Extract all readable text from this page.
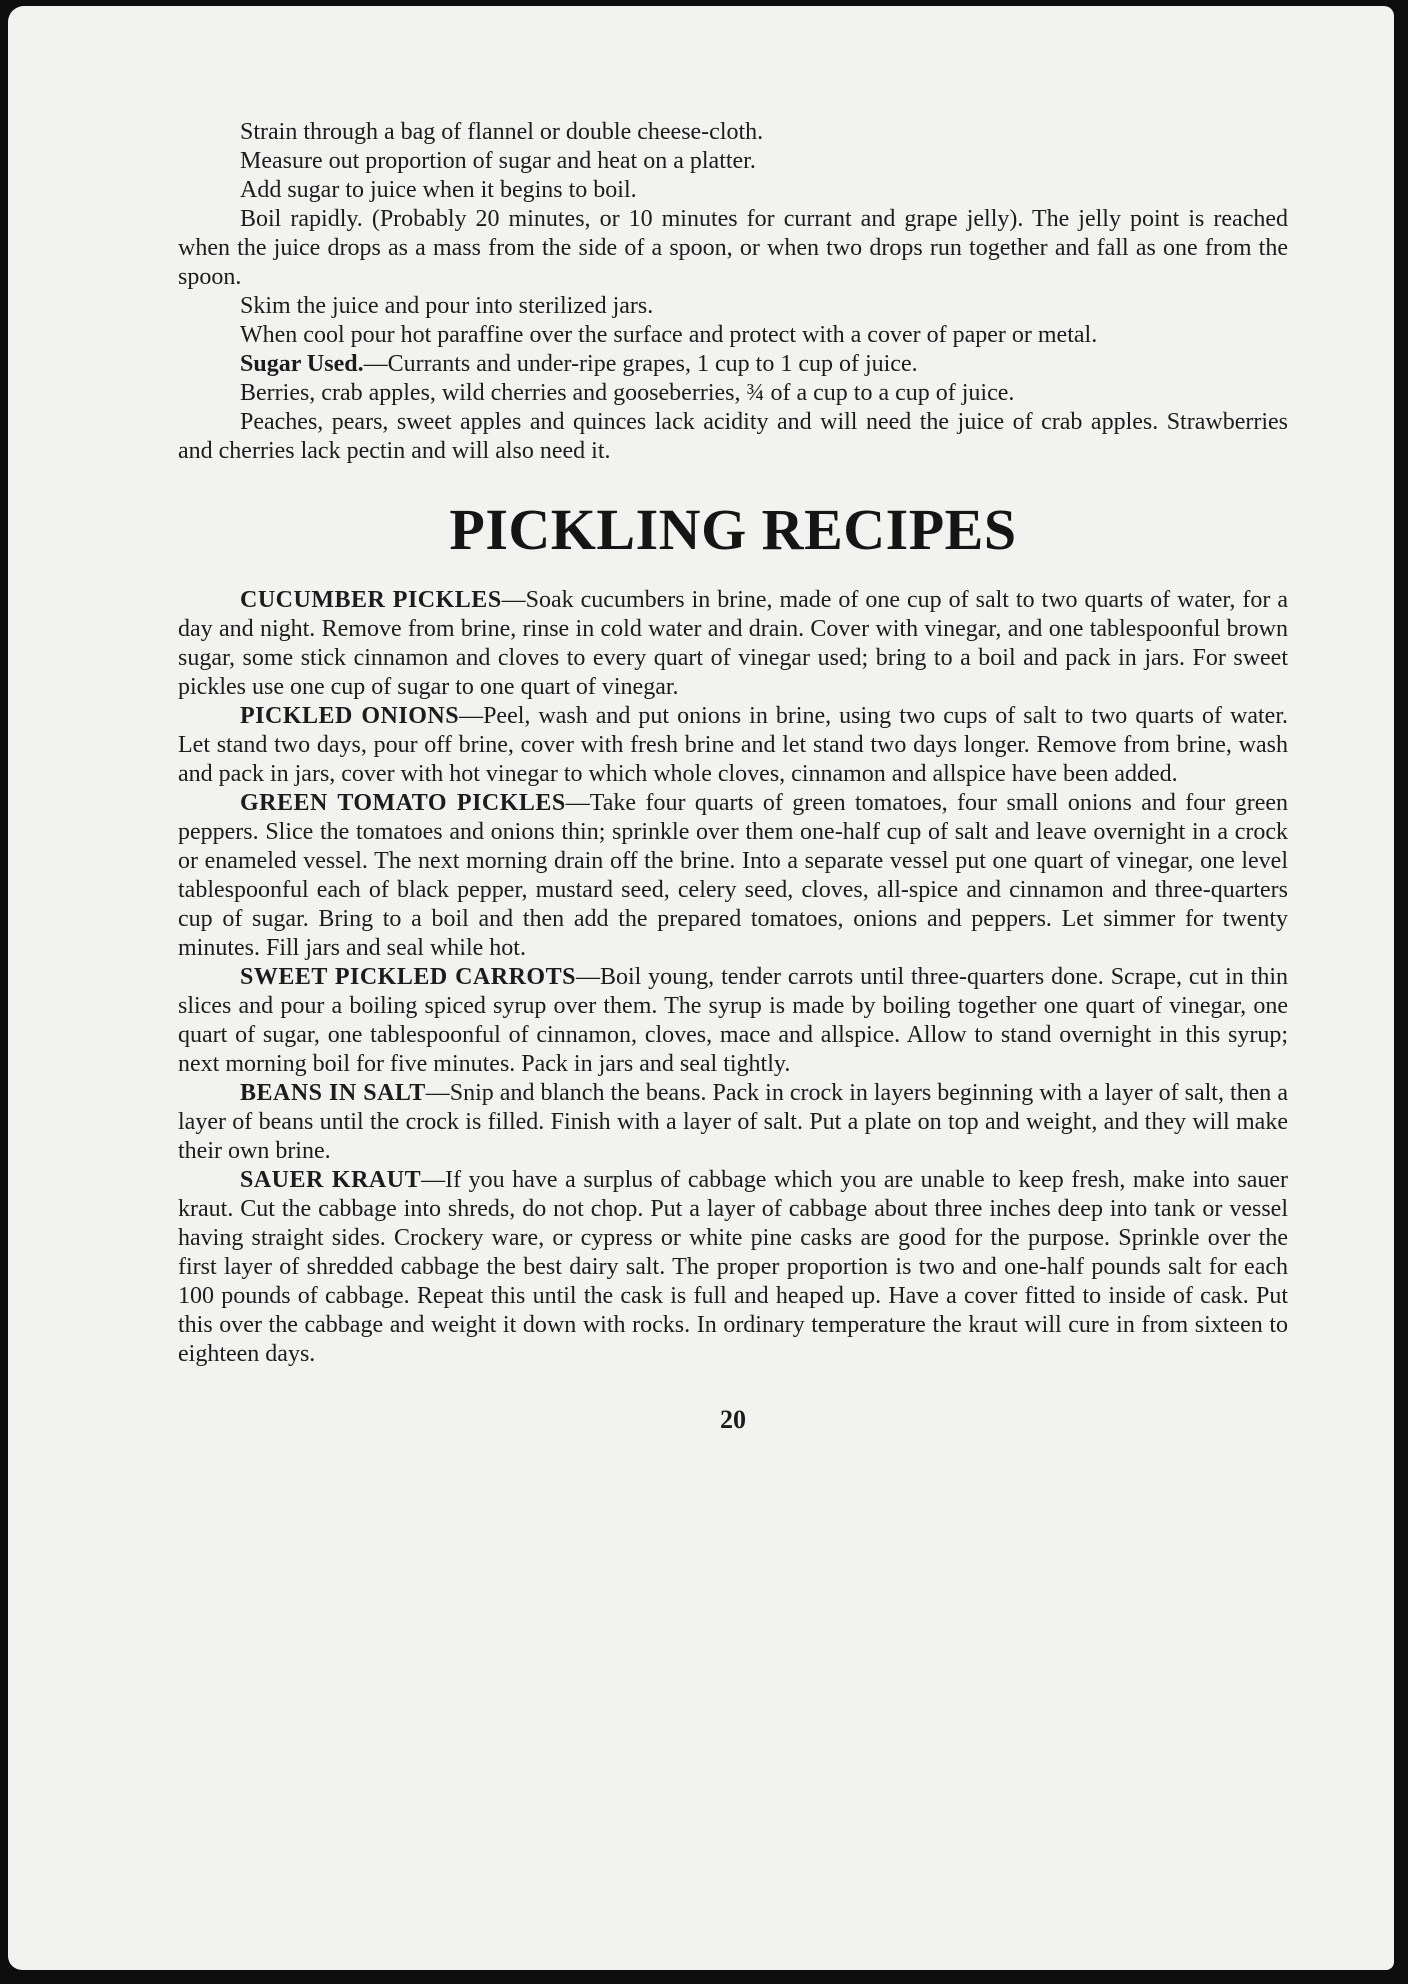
Strain through a bag of flannel or double cheese-cloth.

Measure out proportion of sugar and heat on a platter.

Add sugar to juice when it begins to boil.

Boil rapidly. (Probably 20 minutes, or 10 minutes for currant and grape jelly). The jelly point is reached when the juice drops as a mass from the side of a spoon, or when two drops run together and fall as one from the spoon.

Skim the juice and pour into sterilized jars.

When cool pour hot paraffine over the surface and protect with a cover of paper or metal.

Sugar Used.—Currants and under-ripe grapes, 1 cup to 1 cup of juice.

Berries, crab apples, wild cherries and gooseberries, ¾ of a cup to a cup of juice.

Peaches, pears, sweet apples and quinces lack acidity and will need the juice of crab apples. Strawberries and cherries lack pectin and will also need it.

PICKLING RECIPES

CUCUMBER PICKLES—Soak cucumbers in brine, made of one cup of salt to two quarts of water, for a day and night. Remove from brine, rinse in cold water and drain. Cover with vinegar, and one tablespoonful brown sugar, some stick cinnamon and cloves to every quart of vinegar used; bring to a boil and pack in jars. For sweet pickles use one cup of sugar to one quart of vinegar.

PICKLED ONIONS—Peel, wash and put onions in brine, using two cups of salt to two quarts of water. Let stand two days, pour off brine, cover with fresh brine and let stand two days longer. Remove from brine, wash and pack in jars, cover with hot vinegar to which whole cloves, cinnamon and allspice have been added.

GREEN TOMATO PICKLES—Take four quarts of green tomatoes, four small onions and four green peppers. Slice the tomatoes and onions thin; sprinkle over them one-half cup of salt and leave overnight in a crock or enameled vessel. The next morning drain off the brine. Into a separate vessel put one quart of vinegar, one level tablespoonful each of black pepper, mustard seed, celery seed, cloves, all-spice and cinnamon and three-quarters cup of sugar. Bring to a boil and then add the prepared tomatoes, onions and peppers. Let simmer for twenty minutes. Fill jars and seal while hot.

SWEET PICKLED CARROTS—Boil young, tender carrots until three-quarters done. Scrape, cut in thin slices and pour a boiling spiced syrup over them. The syrup is made by boiling together one quart of vinegar, one quart of sugar, one tablespoonful of cinnamon, cloves, mace and allspice. Allow to stand overnight in this syrup; next morning boil for five minutes. Pack in jars and seal tightly.

BEANS IN SALT—Snip and blanch the beans. Pack in crock in layers beginning with a layer of salt, then a layer of beans until the crock is filled. Finish with a layer of salt. Put a plate on top and weight, and they will make their own brine.

SAUER KRAUT—If you have a surplus of cabbage which you are unable to keep fresh, make into sauer kraut. Cut the cabbage into shreds, do not chop. Put a layer of cabbage about three inches deep into tank or vessel having straight sides. Crockery ware, or cypress or white pine casks are good for the purpose. Sprinkle over the first layer of shredded cabbage the best dairy salt. The proper proportion is two and one-half pounds salt for each 100 pounds of cabbage. Repeat this until the cask is full and heaped up. Have a cover fitted to inside of cask. Put this over the cabbage and weight it down with rocks. In ordinary temperature the kraut will cure in from sixteen to eighteen days.

20
